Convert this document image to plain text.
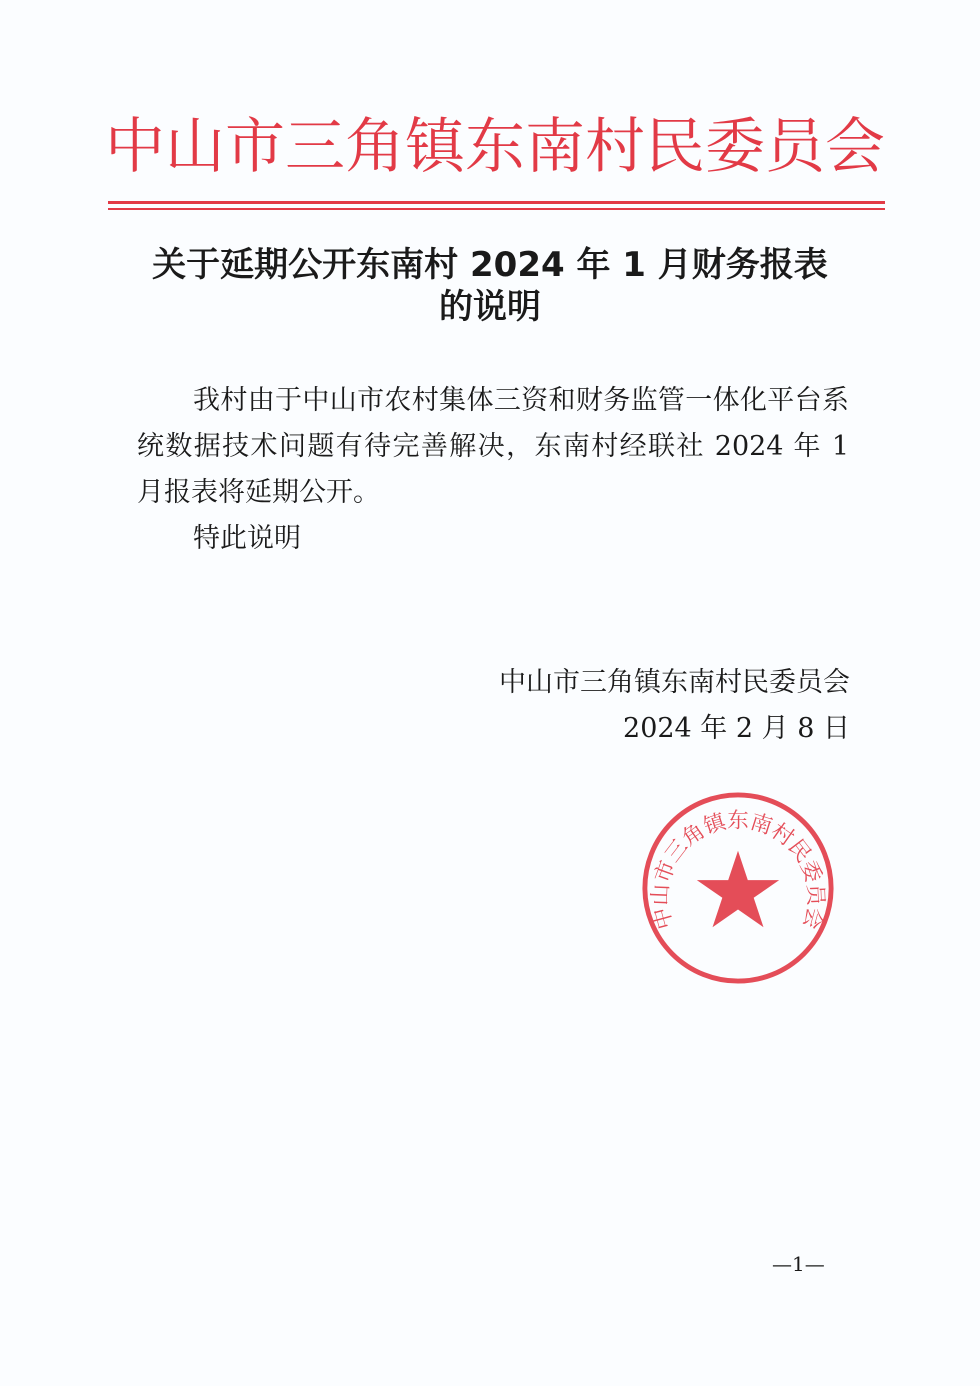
中山市三角镇东南村民委员会
关于延期公开东南村 2024 年 1 月财务报表
的说明

我村由于中山市农村集体三资和财务监管一体化平台系统数据技术问题有待完善解决，东南村经联社 2024 年 1 月报表将延期公开。

特此说明

中山市三角镇东南村民委员会
2024 年 2 月 8 日
中山市三角镇东南村民委员会
—1—
